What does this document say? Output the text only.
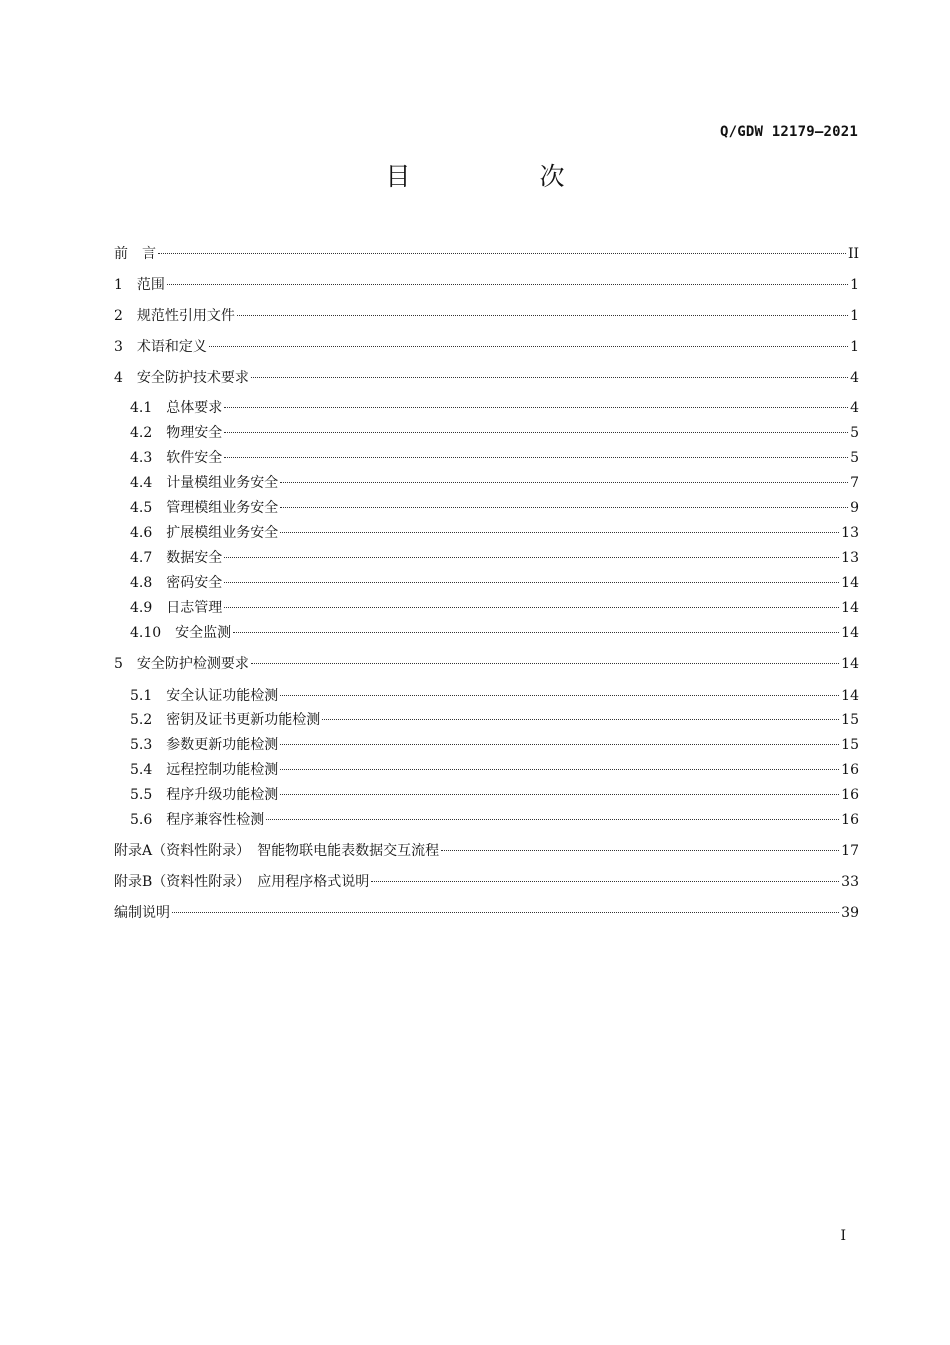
Q/GDW 12179—2021
目　次
前　言	II
1　 范围	1
2　 规范性引用文件	1
3　 术语和定义	1
4　 安全防护技术要求	4
4.1　 总体要求	4
4.2　 物理安全	5
4.3　 软件安全	5
4.4　 计量模组业务安全	7
4.5　 管理模组业务安全	9
4.6　 扩展模组业务安全	13
4.7　 数据安全	13
4.8　 密码安全	14
4.9　 日志管理	14
4.10　 安全监测	14
5　 安全防护检测要求	14
5.1　 安全认证功能检测	14
5.2　 密钥及证书更新功能检测	15
5.3　 参数更新功能检测	15
5.4　 远程控制功能检测	16
5.5　 程序升级功能检测	16
5.6　 程序兼容性检测	16
附录A（资料性附录）　 智能物联电能表数据交互流程	17
附录B（资料性附录）　 应用程序格式说明	33
编制说明	39
I
